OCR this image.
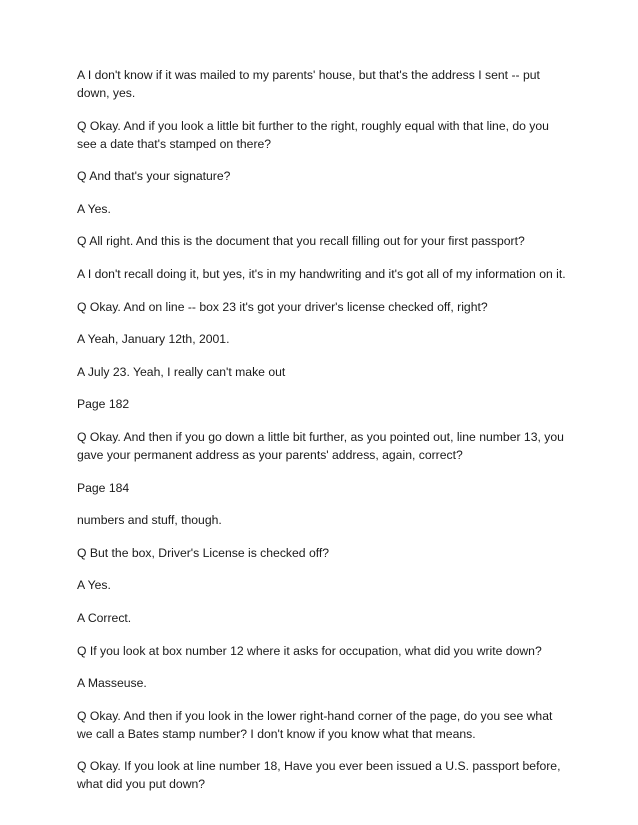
A I don't know if it was mailed to my parents' house, but that's the address I sent -- put down, yes.

Q Okay. And if you look a little bit further to the right, roughly equal with that line, do you see a date that's stamped on there?

Q And that's your signature?

A Yes.

Q All right. And this is the document that you recall filling out for your first passport?

A I don't recall doing it, but yes, it's in my handwriting and it's got all of my information on it.

Q Okay. And on line -- box 23 it's got your driver's license checked off, right?

A Yeah, January 12th, 2001.

A July 23. Yeah, I really can't make out

Page 182

Q Okay. And then if you go down a little bit further, as you pointed out, line number 13, you gave your permanent address as your parents' address, again, correct?

Page 184

numbers and stuff, though.

Q But the box, Driver's License is checked off?

A Yes.

A Correct.

Q If you look at box number 12 where it asks for occupation, what did you write down?

A Masseuse.

Q Okay. And then if you look in the lower right-hand corner of the page, do you see what we call a Bates stamp number? I don't know if you know what that means.

Q Okay. If you look at line number 18, Have you ever been issued a U.S. passport before, what did you put down?
